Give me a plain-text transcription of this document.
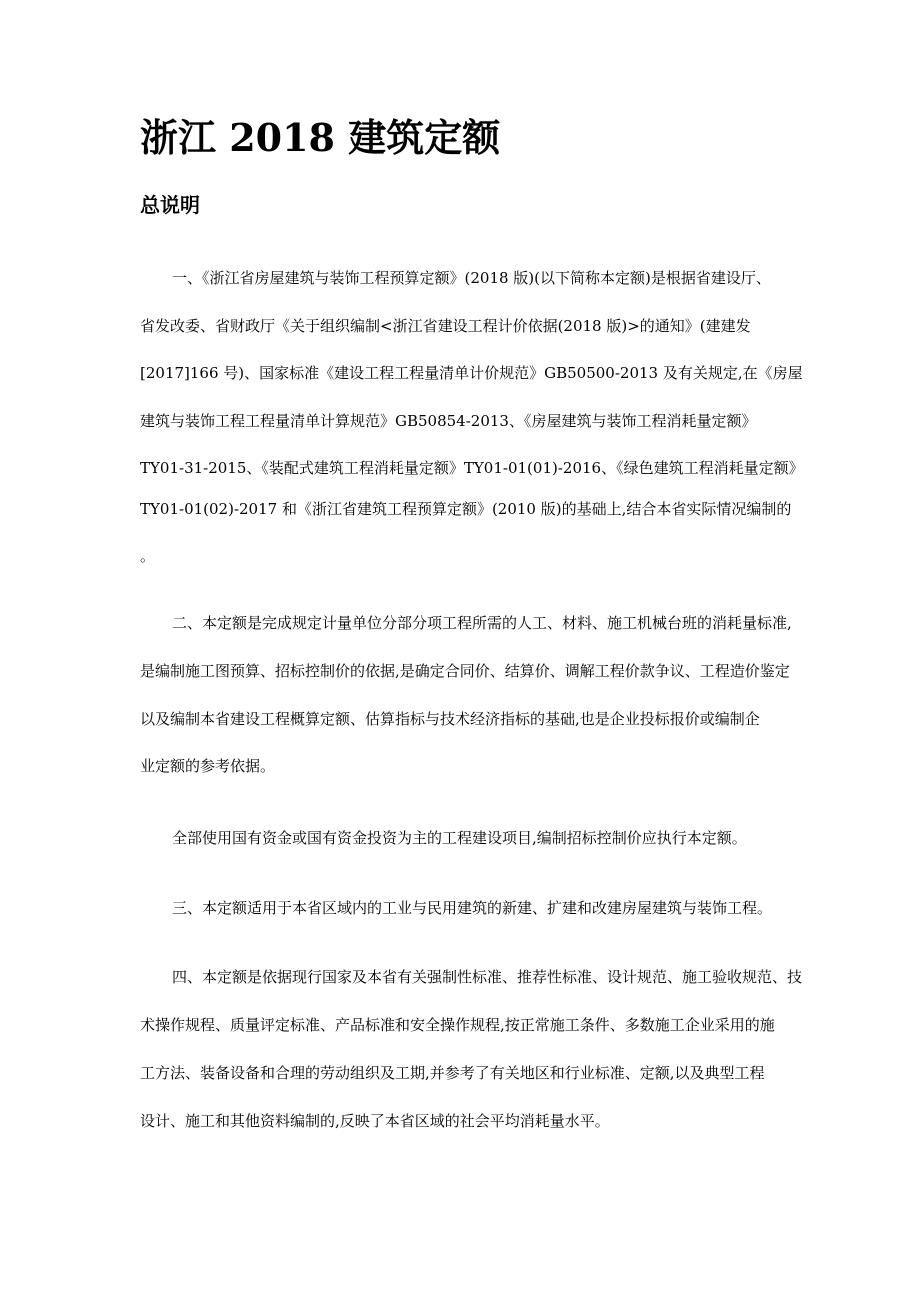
浙江 2018 建筑定额
总说明

一、《浙江省房屋建筑与装饰工程预算定额》(2018 版)(以下简称本定额)是根据省建设厅、

省发改委、省财政厅《关于组织编制<浙江省建设工程计价依据(2018 版)>的通知》(建建发

[2017]166 号)、国家标准《建设工程工程量清单计价规范》GB50500-2013 及有关规定,在《房屋

建筑与装饰工程工程量清单计算规范》GB50854-2013、《房屋建筑与装饰工程消耗量定额》

TY01-31-2015、《装配式建筑工程消耗量定额》TY01-01(01)-2016、《绿色建筑工程消耗量定额》

TY01-01(02)-2017 和《浙江省建筑工程预算定额》(2010 版)的基础上,结合本省实际情况编制的

。

二、本定额是完成规定计量单位分部分项工程所需的人工、材料、施工机械台班的消耗量标准,

是编制施工图预算、招标控制价的依据,是确定合同价、结算价、调解工程价款争议、工程造价鉴定

以及编制本省建设工程概算定额、估算指标与技术经济指标的基础,也是企业投标报价或编制企

业定额的参考依据。

全部使用国有资金或国有资金投资为主的工程建设项目,编制招标控制价应执行本定额。

三、本定额适用于本省区域内的工业与民用建筑的新建、扩建和改建房屋建筑与装饰工程。

四、本定额是依据现行国家及本省有关强制性标准、推荐性标准、设计规范、施工验收规范、技

术操作规程、质量评定标准、产品标准和安全操作规程,按正常施工条件、多数施工企业采用的施

工方法、装备设备和合理的劳动组织及工期,并参考了有关地区和行业标准、定额,以及典型工程

设计、施工和其他资料编制的,反映了本省区域的社会平均消耗量水平。
